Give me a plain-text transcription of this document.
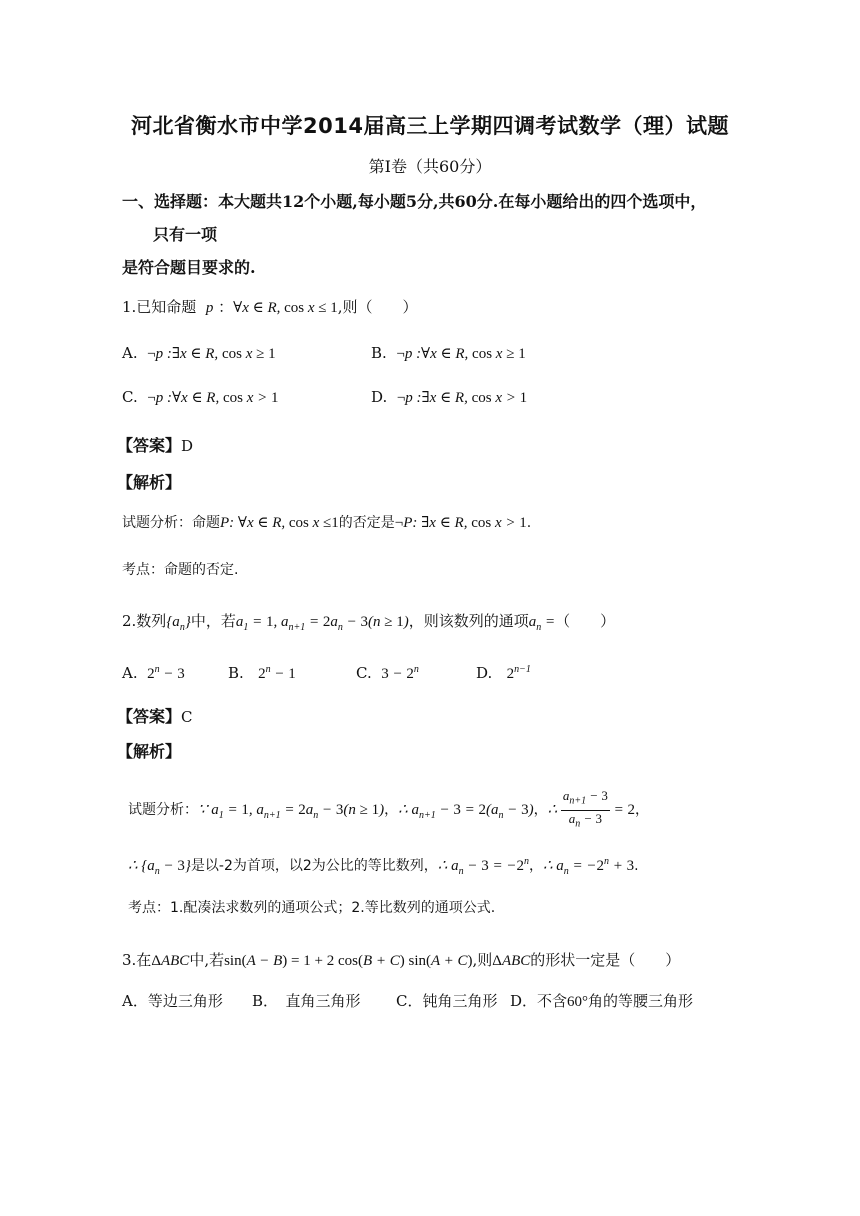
河北省衡水市中学2014届高三上学期四调考试数学（理）试题
第Ⅰ卷（共60分）
一、选择题：本大题共12个小题,每小题5分,共60分.在每小题给出的四个选项中，
只有一项
是符合题目要求的.
1.已知命题 p ：∀x ∈ R, cos x ≤ 1,则（　　）
A. ¬p :∃x ∈ R, cos x ≥ 1	B. ¬p :∀x ∈ R, cos x ≥ 1
C. ¬p :∀x ∈ R, cos x > 1	D. ¬p :∃x ∈ R, cos x > 1
【答案】D
【解析】
试题分析：命题P: ∀x ∈ R, cos x ≤1的否定是¬P: ∃x ∈ R, cos x > 1.
考点：命题的否定.
2.数列$\{a_n\}$中，若$a_1 = 1$, $a_{n+1} = 2a_n - 3(n \ge 1)$，则该数列的通项$a_n$ =（　　）
A. $2^n - 3$	B. $2^n - 1$	C. $3 - 2^n$	D. $2^{n-1}$
【答案】C
【解析】
试题分析：∵ $a_1 = 1$, $a_{n+1} = 2a_n - 3(n \ge 1)$，∴ $a_{n+1} - 3 = 2(a_n - 3)$，∴ $\frac{a_{n+1} - 3}{a_n - 3} = 2$，
∴ $\{a_n - 3\}$是以-2为首项，以2为公比的等比数列，∴ $a_n - 3 = -2^n$，∴ $a_n = -2^n + 3$.
考点：1.配凑法求数列的通项公式；2.等比数列的通项公式.
3.在ΔABC中,若sin(A − B) = 1 + 2 cos(B + C) sin(A + C),则ΔABC的形状一定是（　　）
A．等边三角形 B．　直角三角形 C．钝角三角形 D．不含60°角的等腰三角形
